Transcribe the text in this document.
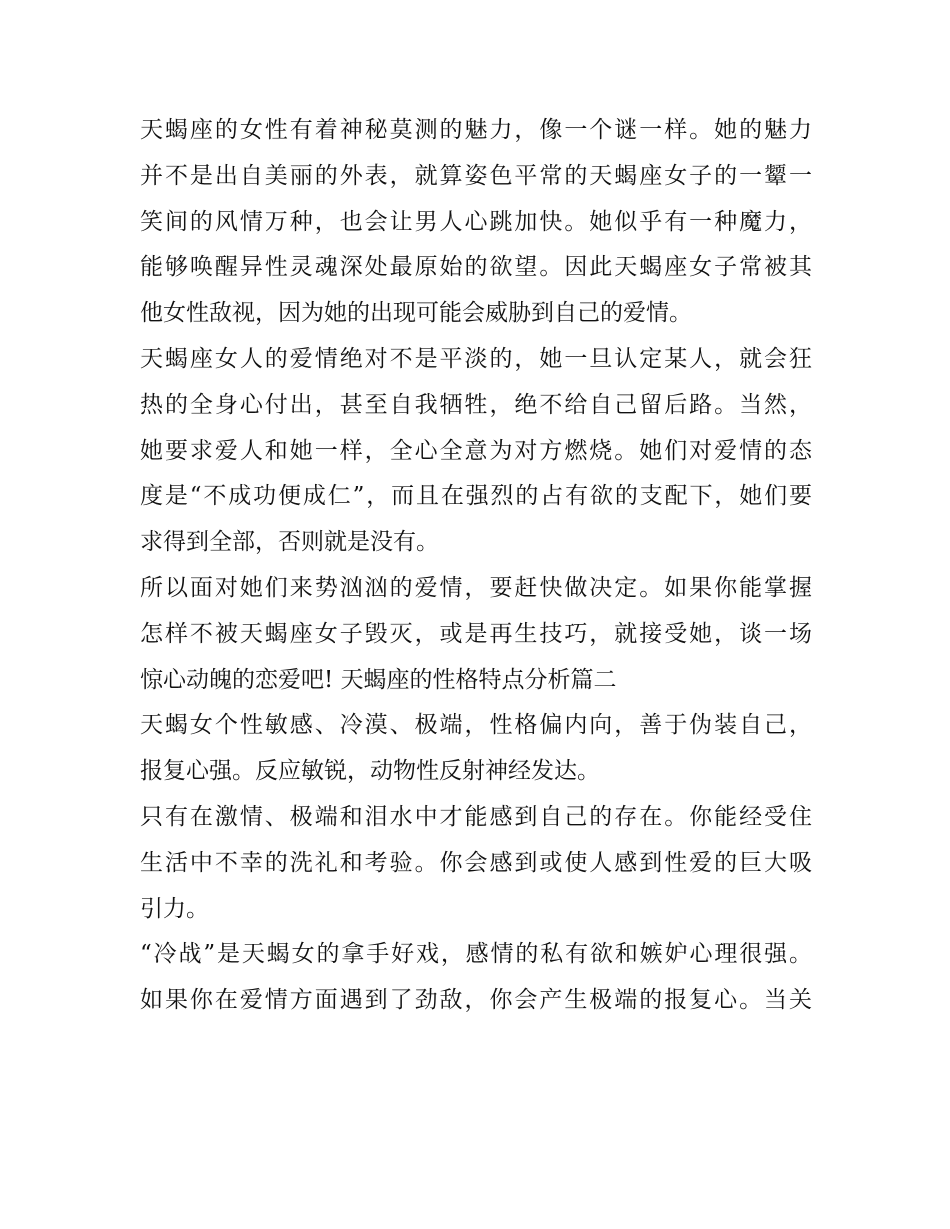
天蝎座的女性有着神秘莫测的魅力，像一个谜一样。她的魅力
并不是出自美丽的外表，就算姿色平常的天蝎座女子的一颦一
笑间的风情万种，也会让男人心跳加快。她似乎有一种魔力，
能够唤醒异性灵魂深处最原始的欲望。因此天蝎座女子常被其
他女性敌视，因为她的出现可能会威胁到自己的爱情。
天蝎座女人的爱情绝对不是平淡的，她一旦认定某人，就会狂
热的全身心付出，甚至自我牺牲，绝不给自己留后路。当然，
她要求爱人和她一样，全心全意为对方燃烧。她们对爱情的态
度是“不成功便成仁”，而且在强烈的占有欲的支配下，她们要
求得到全部，否则就是没有。
所以面对她们来势汹汹的爱情，要赶快做决定。如果你能掌握
怎样不被天蝎座女子毁灭，或是再生技巧，就接受她，谈一场
惊心动魄的恋爱吧! 天蝎座的性格特点分析篇二
天蝎女个性敏感、冷漠、极端，性格偏内向，善于伪装自己，
报复心强。反应敏锐，动物性反射神经发达。
只有在激情、极端和泪水中才能感到自己的存在。你能经受住
生活中不幸的洗礼和考验。你会感到或使人感到性爱的巨大吸
引力。
“冷战”是天蝎女的拿手好戏，感情的私有欲和嫉妒心理很强。
如果你在爱情方面遇到了劲敌，你会产生极端的报复心。当关
